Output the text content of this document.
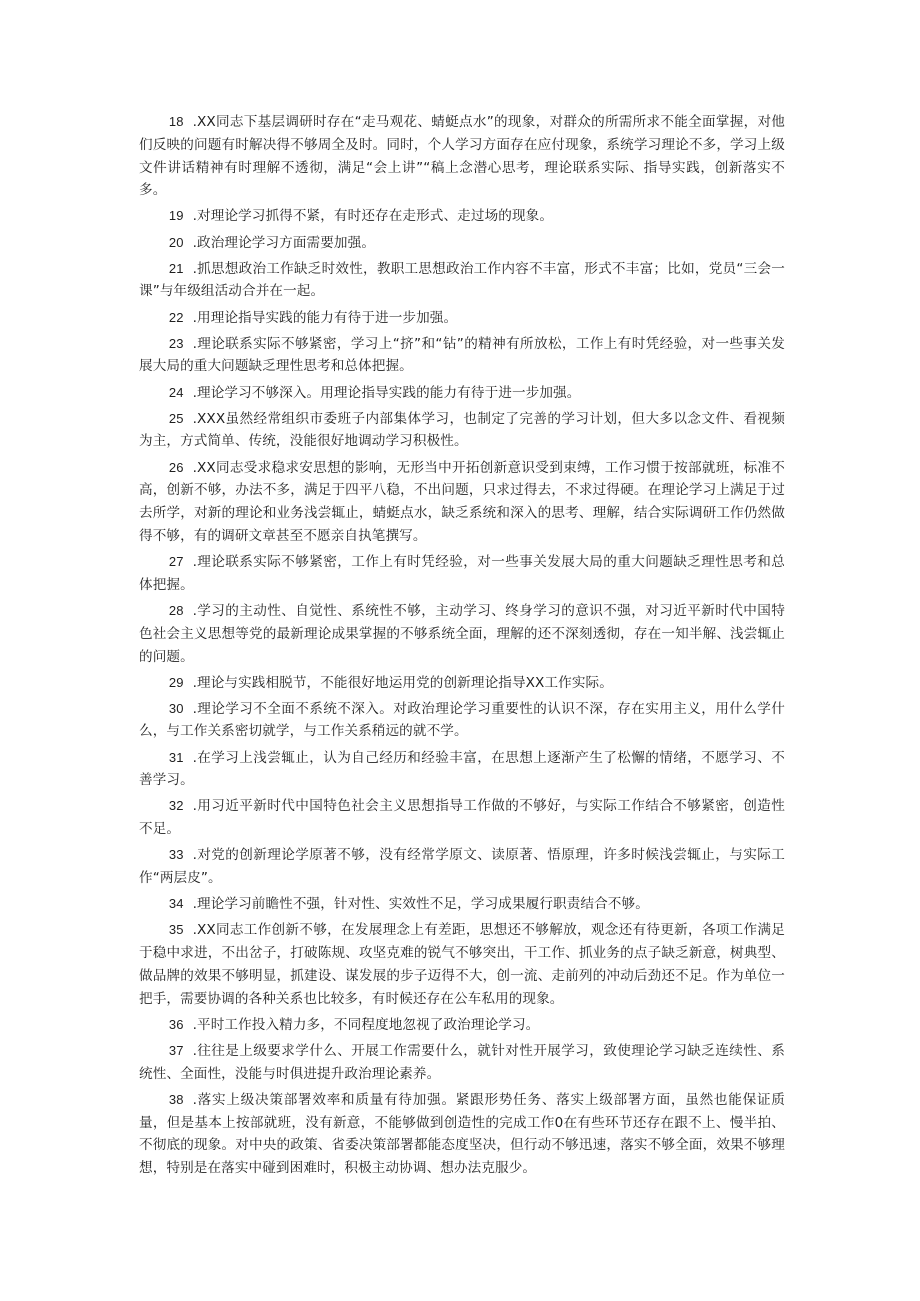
18 .XX同志下基层调研时存在“走马观花、蜻蜓点水”的现象，对群众的所需所求不能全面掌握，对他们反映的问题有时解决得不够周全及时。同时，个人学习方面存在应付现象，系统学习理论不多，学习上级文件讲话精神有时理解不透彻，满足“会上讲”“稿上念潜心思考，理论联系实际、指导实践，创新落实不多。

19 .对理论学习抓得不紧，有时还存在走形式、走过场的现象。

20 .政治理论学习方面需要加强。

21 .抓思想政治工作缺乏时效性，教职工思想政治工作内容不丰富，形式不丰富；比如，党员“三会一课”与年级组活动合并在一起。

22 .用理论指导实践的能力有待于进一步加强。

23 .理论联系实际不够紧密，学习上“挤”和“钻”的精神有所放松，工作上有时凭经验，对一些事关发展大局的重大问题缺乏理性思考和总体把握。

24 .理论学习不够深入。用理论指导实践的能力有待于进一步加强。

25 .XXX虽然经常组织市委班子内部集体学习，也制定了完善的学习计划，但大多以念文件、看视频为主，方式简单、传统，没能很好地调动学习积极性。

26 .XX同志受求稳求安思想的影响，无形当中开拓创新意识受到束缚，工作习惯于按部就班，标准不高，创新不够，办法不多，满足于四平八稳，不出问题，只求过得去，不求过得硬。在理论学习上满足于过去所学，对新的理论和业务浅尝辄止，蜻蜓点水，缺乏系统和深入的思考、理解，结合实际调研工作仍然做得不够，有的调研文章甚至不愿亲自执笔撰写。

27 .理论联系实际不够紧密，工作上有时凭经验，对一些事关发展大局的重大问题缺乏理性思考和总体把握。

28 .学习的主动性、自觉性、系统性不够，主动学习、终身学习的意识不强，对习近平新时代中国特色社会主义思想等党的最新理论成果掌握的不够系统全面，理解的还不深刻透彻，存在一知半解、浅尝辄止的问题。

29 .理论与实践相脱节，不能很好地运用党的创新理论指导XX工作实际。

30 .理论学习不全面不系统不深入。对政治理论学习重要性的认识不深，存在实用主义，用什么学什么，与工作关系密切就学，与工作关系稍远的就不学。

31 .在学习上浅尝辄止，认为自己经历和经验丰富，在思想上逐渐产生了松懈的情绪，不愿学习、不善学习。

32 .用习近平新时代中国特色社会主义思想指导工作做的不够好，与实际工作结合不够紧密，创造性不足。

33 .对党的创新理论学原著不够，没有经常学原文、读原著、悟原理，许多时候浅尝辄止，与实际工作“两层皮”。

34 .理论学习前瞻性不强，针对性、实效性不足，学习成果履行职责结合不够。

35 .XX同志工作创新不够，在发展理念上有差距，思想还不够解放，观念还有待更新，各项工作满足于稳中求进，不出岔子，打破陈规、攻坚克难的锐气不够突出，干工作、抓业务的点子缺乏新意，树典型、做品牌的效果不够明显，抓建设、谋发展的步子迈得不大，创一流、走前列的冲动后劲还不足。作为单位一把手，需要协调的各种关系也比较多，有时候还存在公车私用的现象。

36 .平时工作投入精力多，不同程度地忽视了政治理论学习。

37 .往往是上级要求学什么、开展工作需要什么，就针对性开展学习，致使理论学习缺乏连续性、系统性、全面性，没能与时俱进提升政治理论素养。

38 .落实上级决策部署效率和质量有待加强。紧跟形势任务、落实上级部署方面，虽然也能保证质量，但是基本上按部就班，没有新意，不能够做到创造性的完成工作0在有些环节还存在跟不上、慢半拍、不彻底的现象。对中央的政策、省委决策部署都能态度坚决，但行动不够迅速，落实不够全面，效果不够理想，特别是在落实中碰到困难时，积极主动协调、想办法克服少。
